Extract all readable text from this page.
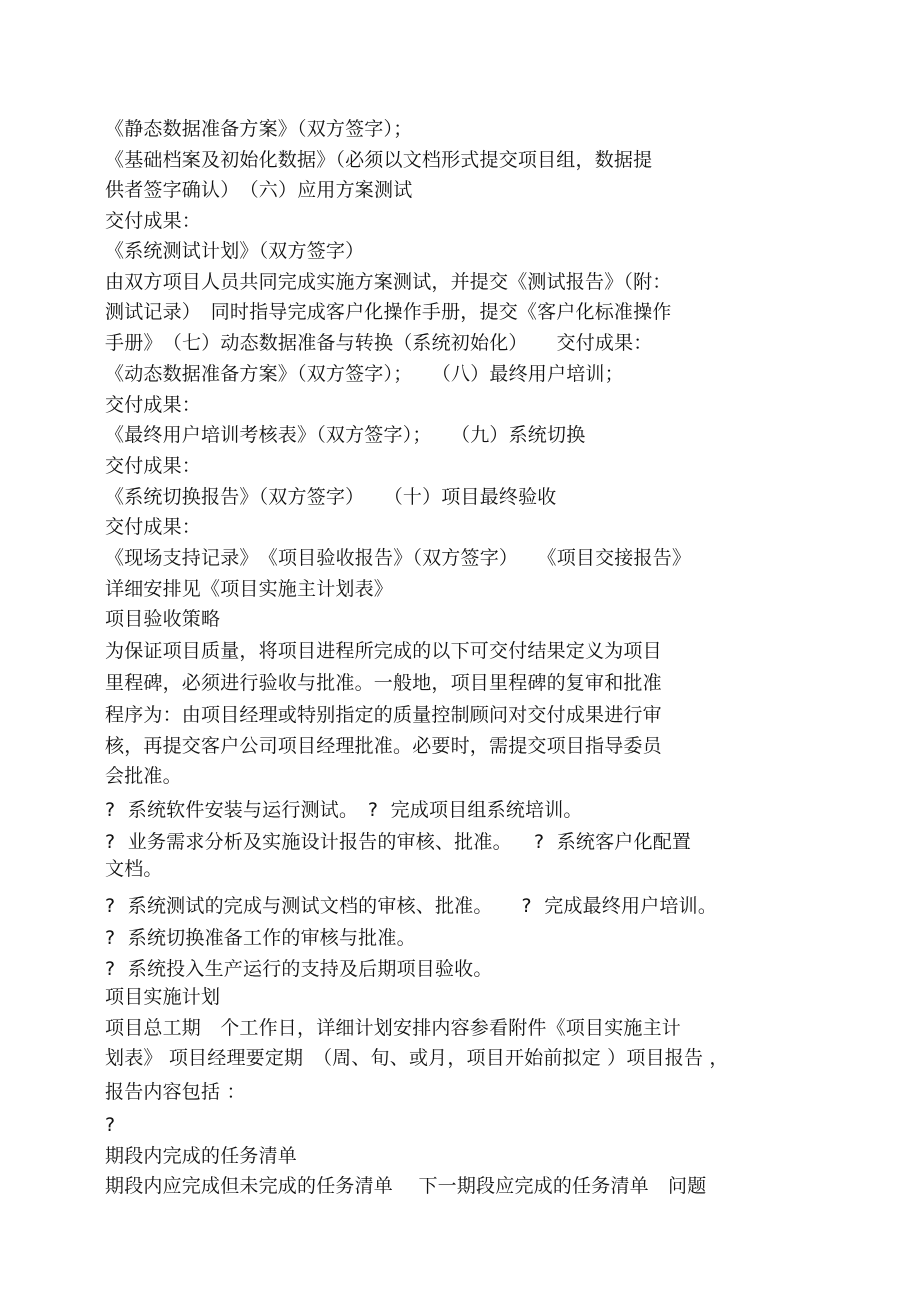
《静态数据准备方案》（双方签字）；
《基础档案及初始化数据》（必须以文档形式提交项目组，数据提
供者签字确认）　（六）应用方案测试
交付成果：
《系统测试计划》（双方签字）
由双方项目人员共同完成实施方案测试，并提交《测试报告》（附：
测试记录）　同时指导完成客户化操作手册，提交《客户化标准操作
手册》　（七）动态数据准备与转换（系统初始化）　　交付成果：
《动态数据准备方案》（双方签字）；　　（八）最终用户培训；
交付成果：
《最终用户培训考核表》（双方签字）；　　（九）系统切换
交付成果：
《系统切换报告》（双方签字）　　（十）项目最终验收
交付成果：
《现场支持记录》　《项目验收报告》（双方签字）　　《项目交接报告》
详细安排见《项目实施主计划表》
项目验收策略
为保证项目质量，将项目进程所完成的以下可交付结果定义为项目
里程碑，必须进行验收与批准。一般地，项目里程碑的复审和批准
程序为：由项目经理或特别指定的质量控制顾问对交付成果进行审
核，再提交客户公司项目经理批准。必要时，需提交项目指导委员
会批准。
?  系统软件安装与运行测试。　?  完成项目组系统培训。
?  业务需求分析及实施设计报告的审核、批准。　  ?  系统客户化配置
文档。
?  系统测试的完成与测试文档的审核、批准。　　?  完成最终用户培训。
?  系统切换准备工作的审核与批准。
?  系统投入生产运行的支持及后期项目验收。
项目实施计划
项目总工期　个工作日，详细计划安排内容参看附件《项目实施主计
划表》 项目经理要定期　（周、旬、或月，项目开始前拟定 ）项目报告 ，
报告内容包括 ：
?
期段内完成的任务清单
期段内应完成但未完成的任务清单　 下一期段应完成的任务清单　问题
